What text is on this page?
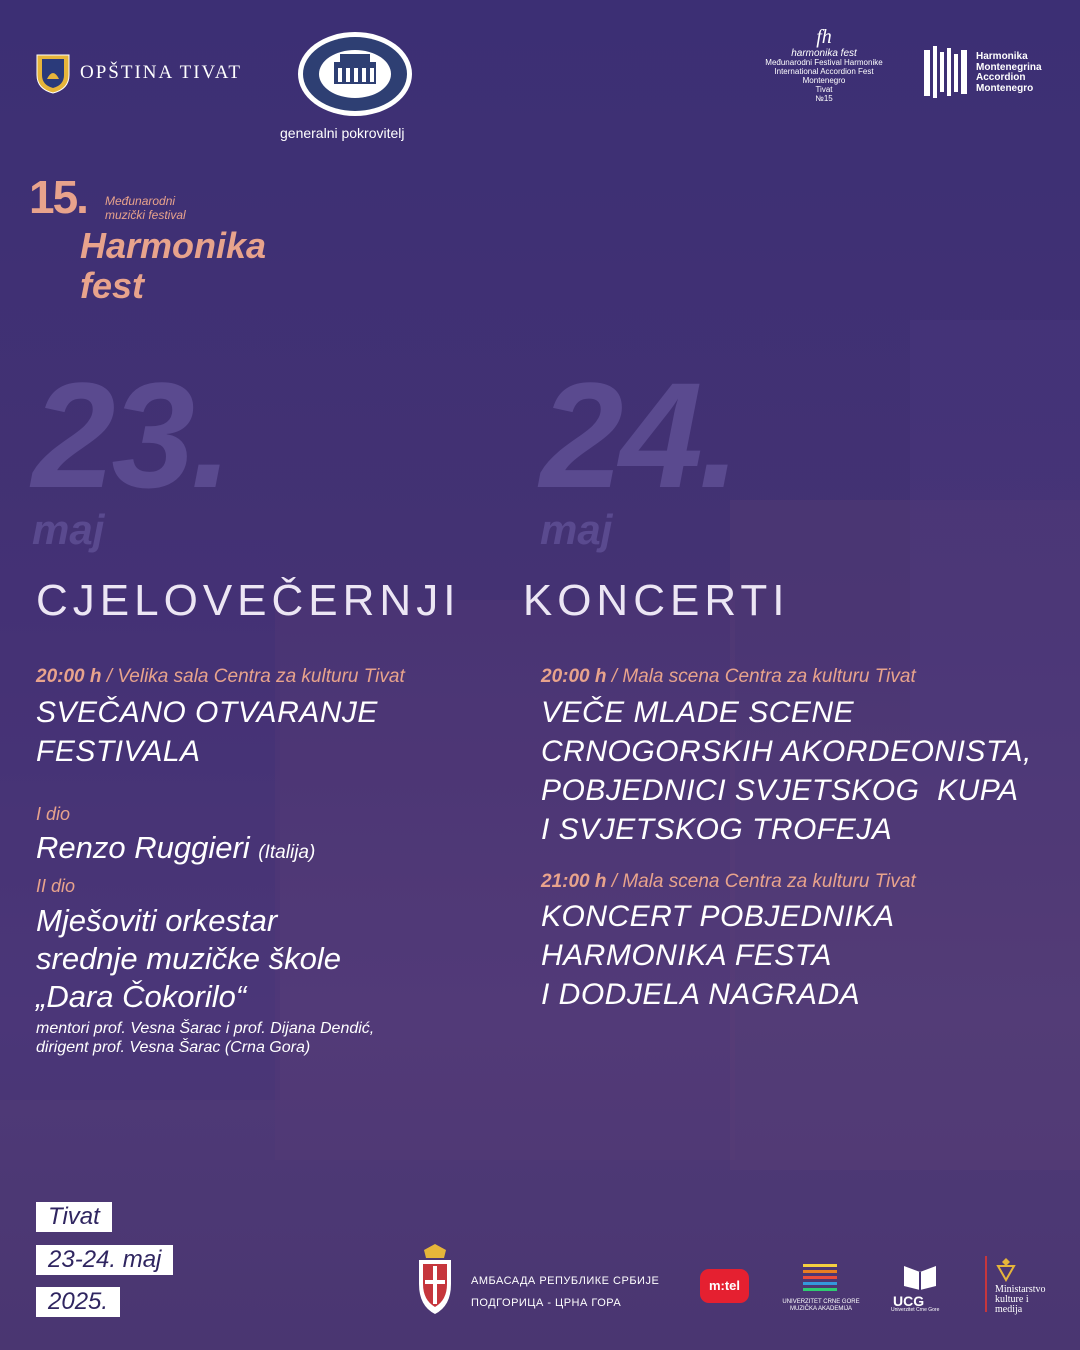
OPŠTINA TIVAT
generalni pokrovitelj
fh
harmonika fest
Međunarodni Festival Harmonike
International Accordion Fest
Montenegro
Tivat
№15
Harmonika
Montenegrina
Accordion
Montenegro
15. Međunarodni
muzički festival
Harmonika
fest
23.
maj
24.
maj
CJELOVEČERNJI  KONCERTI
20:00 h / Velika sala Centra za kulturu Tivat
SVEČANO OTVARANJE
FESTIVALA
I dio
Renzo Ruggieri (Italija)
II dio
Mješoviti orkestar
srednje muzičke škole
„Dara Čokorilo“
mentori prof. Vesna Šarac i prof. Dijana Dendić,
dirigent prof. Vesna Šarac (Crna Gora)
20:00 h / Mala scena Centra za kulturu Tivat
VEČE MLADE SCENE
CRNOGORSKIH AKORDEONISTA,
POBJEDNICI SVJETSKOG  KUPA
I SVJETSKOG TROFEJA
21:00 h / Mala scena Centra za kulturu Tivat
KONCERT POBJEDNIKA
HARMONIKA FESTA
I DODJELA NAGRADA
Tivat
23-24. maj
2025.
АМБАСАДА РЕПУБЛИКЕ СРБИЈЕ
ПОДГОРИЦА - ЦРНА ГОРА
m:tel
UNIVERZITET CRNE GORE
MUZIČKA AKADEMIJA	UCG
Univerzitet Crne Gore
Ministarstvo
kulture i
medija
